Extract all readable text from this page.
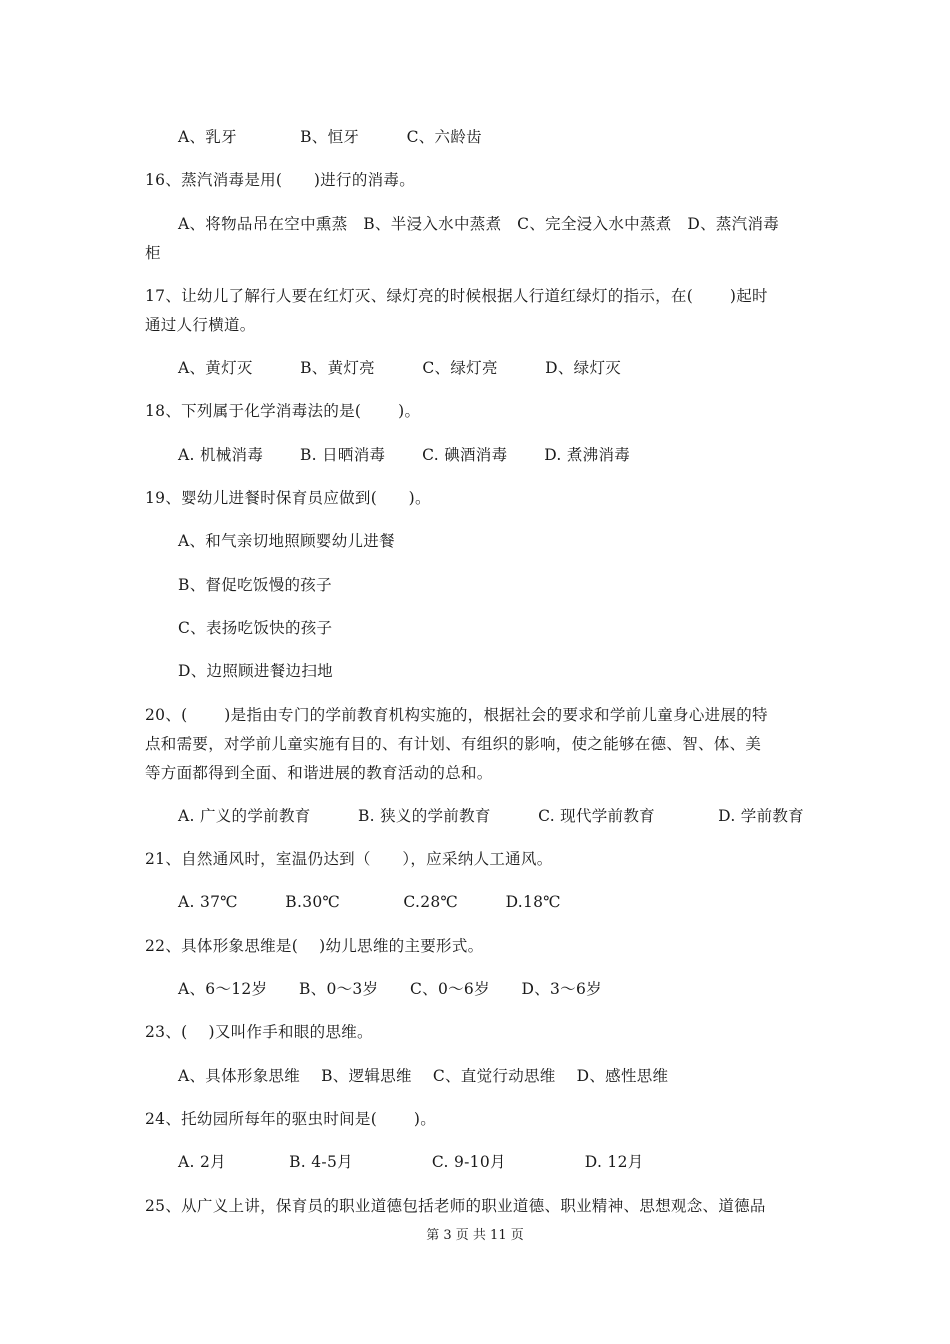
A、乳牙　　　　B、恒牙　　　C、六龄齿
16、蒸汽消毒是用(　　)进行的消毒。
A、将物品吊在空中熏蒸　B、半浸入水中蒸煮　C、完全浸入水中蒸煮　D、蒸汽消毒
柜
17、让幼儿了解行人要在红灯灭、绿灯亮的时候根据人行道红绿灯的指示，在(　　 )起时
通过人行横道。
A、黄灯灭　　　B、黄灯亮　　　C、绿灯亮　　　D、绿灯灭
18、下列属于化学消毒法的是(　　 )。
A. 机械消毒　　 B. 日晒消毒　　 C. 碘酒消毒　　 D. 煮沸消毒
19、婴幼儿进餐时保育员应做到(　　)。
A、和气亲切地照顾婴幼儿进餐
B、督促吃饭慢的孩子
C、表扬吃饭快的孩子
D、边照顾进餐边扫地
20、(　　 )是指由专门的学前教育机构实施的，根据社会的要求和学前儿童身心进展的特
点和需要，对学前儿童实施有目的、有计划、有组织的影响，使之能够在德、智、体、美
等方面都得到全面、和谐进展的教育活动的总和。
A. 广义的学前教育　　　B. 狭义的学前教育　　　C. 现代学前教育　　　　D. 学前教育
21、自然通风时，室温仍达到（　　），应采纳人工通风。
A. 37℃　　　B.30℃　　　　C.28℃　　　D.18℃
22、具体形象思维是(　 )幼儿思维的主要形式。
A、6～12岁　　B、0～3岁　　C、0～6岁　　D、3～6岁
23、(　 )又叫作手和眼的思维。
A、具体形象思维　 B、逻辑思维　 C、直觉行动思维　 D、感性思维
24、托幼园所每年的驱虫时间是(　　 )。
A. 2月　　　　B. 4-5月　　　　　C. 9-10月　　　　　D. 12月
25、从广义上讲，保育员的职业道德包括老师的职业道德、职业精神、思想观念、道德品
第 3 页 共 11 页
